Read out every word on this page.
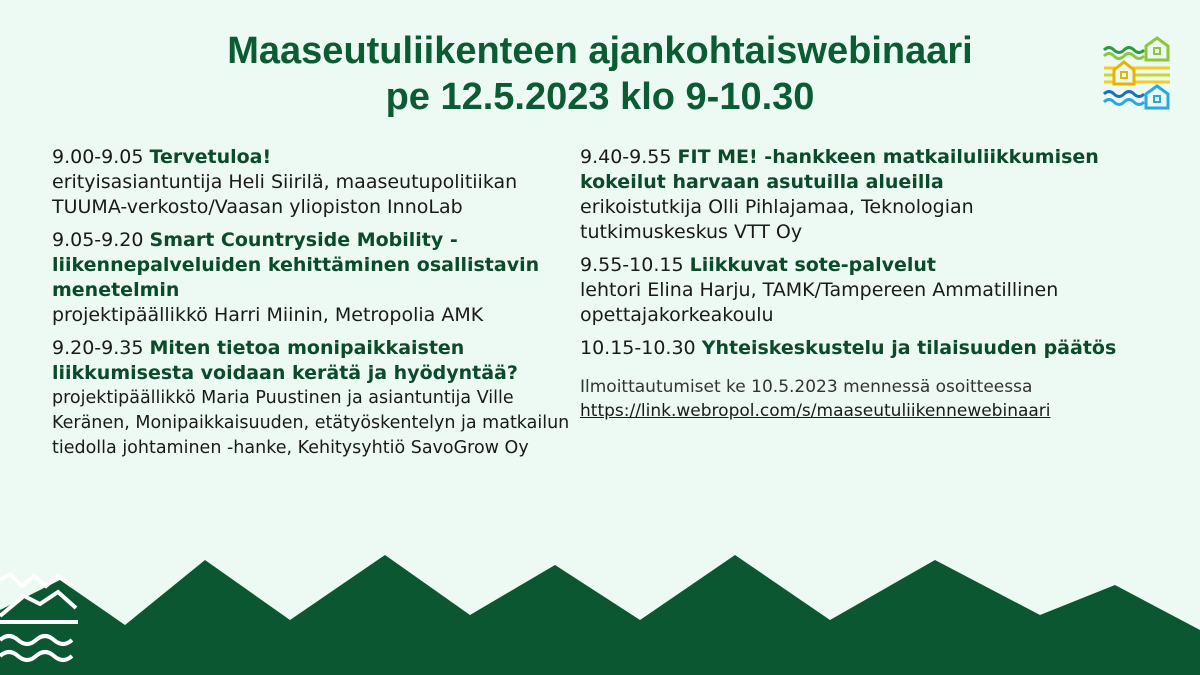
Maaseutuliikenteen ajankohtaiswebinaari
pe 12.5.2023 klo 9-10.30
9.00-9.05 Tervetuloa!
erityisasiantuntija Heli Siirilä, maaseutupolitiikan
TUUMA-verkosto/Vaasan yliopiston InnoLab
9.05-9.20 Smart Countryside Mobility - liikennepalveluiden kehittäminen osallistavin menetelmin
projektipäällikkö Harri Miinin, Metropolia AMK
9.20-9.35 Miten tietoa monipaikkaisten liikkumisesta voidaan kerätä ja hyödyntää?
projektipäällikkö Maria Puustinen ja asiantuntija Ville
Keränen, Monipaikkaisuuden, etätyöskentelyn ja matkailun
tiedolla johtaminen -hanke, Kehitysyhtiö SavoGrow Oy
9.40-9.55 FIT ME! -hankkeen matkailuliikkumisen kokeilut harvaan asutuilla alueilla
erikoistutkija Olli Pihlajamaa, Teknologian
tutkimuskeskus VTT Oy
9.55-10.15 Liikkuvat sote-palvelut
lehtori Elina Harju, TAMK/Tampereen Ammatillinen
opettajakorkeakoulu
10.15-10.30 Yhteiskeskustelu ja tilaisuuden päätös
Ilmoittautumiset ke 10.5.2023 mennessä osoitteessa
https://link.webropol.com/s/maaseutuliikennewebinaari
